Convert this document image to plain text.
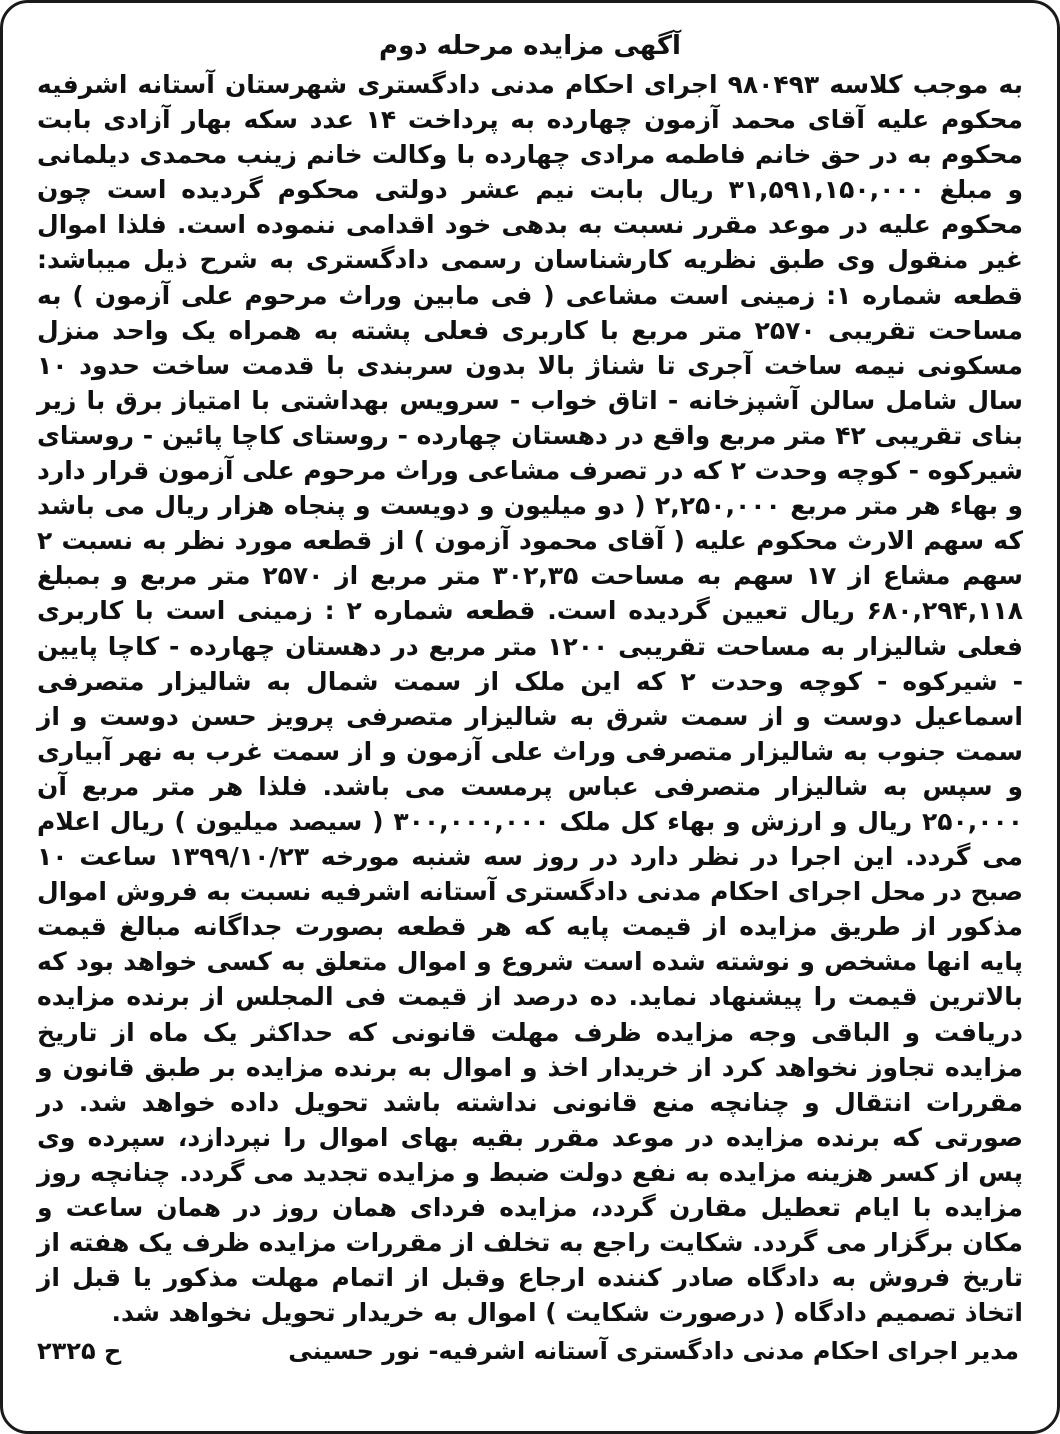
آگهی مزایده مرحله دوم

به موجب کلاسه ۹۸۰۴۹۳ اجرای احکام مدنی دادگستری شهرستان آستانه اشرفیه محکوم علیه آقای محمد آزمون چهارده به پرداخت ۱۴ عدد سکه بهار آزادی بابت محکوم به در حق خانم فاطمه مرادی چهارده با وکالت خانم زینب محمدی دیلمانی و مبلغ ۳۱,۵۹۱,۱۵۰,۰۰۰ ریال بابت نیم عشر دولتی محکوم گردیده است چون محکوم علیه در موعد مقرر نسبت به بدهی خود اقدامی ننموده است. فلذا اموال غیر منقول وی طبق نظریه کارشناسان رسمی دادگستری به شرح ذیل میباشد: قطعه شماره ۱: زمینی است مشاعی ( فی مابین وراث مرحوم علی آزمون ) به مساحت تقریبی ۲۵۷۰ متر مربع با کاربری فعلی پشته به همراه یک واحد منزل مسکونی نیمه ساخت آجری تا شناژ بالا بدون سربندی با قدمت ساخت حدود ۱۰ سال شامل سالن آشپزخانه - اتاق خواب - سرویس بهداشتی با امتیاز برق با زیر بنای تقریبی ۴۲ متر مربع واقع در دهستان چهارده - روستای کاچا پائین - روستای شیرکوه - کوچه وحدت ۲ که در تصرف مشاعی وراث مرحوم علی آزمون قرار دارد و بهاء هر متر مربع ۲,۲۵۰,۰۰۰ ( دو میلیون و دویست و پنجاه هزار ریال می باشد که سهم الارث محکوم علیه ( آقای محمود آزمون ) از قطعه مورد نظر به نسبت ۲ سهم مشاع از ۱۷ سهم به مساحت ۳۰۲,۳۵ متر مربع از ۲۵۷۰ متر مربع و بمبلغ ۶۸۰,۲۹۴,۱۱۸ ریال تعیین گردیده است. قطعه شماره ۲ : زمینی است با کاربری فعلی شالیزار به مساحت تقریبی ۱۲۰۰ متر مربع در دهستان چهارده - کاچا پایین - شیرکوه - کوچه وحدت ۲ که این ملک از سمت شمال به شالیزار متصرفی اسماعیل دوست و از سمت شرق به شالیزار متصرفی پرویز حسن دوست و از سمت جنوب به شالیزار متصرفی وراث علی آزمون و از سمت غرب به نهر آبیاری و سپس به شالیزار متصرفی عباس پرمست می باشد. فلذا هر متر مربع آن ۲۵۰,۰۰۰ ریال و ارزش و بهاء کل ملک ۳۰۰,۰۰۰,۰۰۰ ( سیصد میلیون ) ریال اعلام می گردد. این اجرا در نظر دارد در روز سه شنبه مورخه ۱۳۹۹/۱۰/۲۳ ساعت ۱۰ صبح در محل اجرای احکام مدنی دادگستری آستانه اشرفیه نسبت به فروش اموال مذکور از طریق مزایده از قیمت پایه که هر قطعه بصورت جداگانه مبالغ قیمت پایه انها مشخص و نوشته شده است شروع و اموال متعلق به کسی خواهد بود که بالاترین قیمت را پیشنهاد نماید. ده درصد از قیمت فی المجلس از برنده مزایده دریافت و الباقی وجه مزایده ظرف مهلت قانونی که حداکثر یک ماه از تاریخ مزایده تجاوز نخواهد کرد از خریدار اخذ و اموال به برنده مزایده بر طبق قانون و مقررات انتقال و چنانچه منع قانونی نداشته باشد تحویل داده خواهد شد. در صورتی که برنده مزایده در موعد مقرر بقیه بهای اموال را نپردازد، سپرده وی پس از کسر هزینه مزایده به نفع دولت ضبط و مزایده تجدید می گردد. چنانچه روز مزایده با ایام تعطیل مقارن گردد، مزایده فردای همان روز در همان ساعت و مکان برگزار می گردد. شکایت راجع به تخلف از مقررات مزایده ظرف یک هفته از تاریخ فروش به دادگاه صادر کننده ارجاع وقبل از اتمام مهلت مذکور یا قبل از اتخاذ تصمیم دادگاه ( درصورت شکایت ) اموال به خریدار تحویل نخواهد شد.

مدیر اجرای احکام مدنی دادگستری آستانه اشرفیه- نور حسینی
ح ۲۳۲۵
